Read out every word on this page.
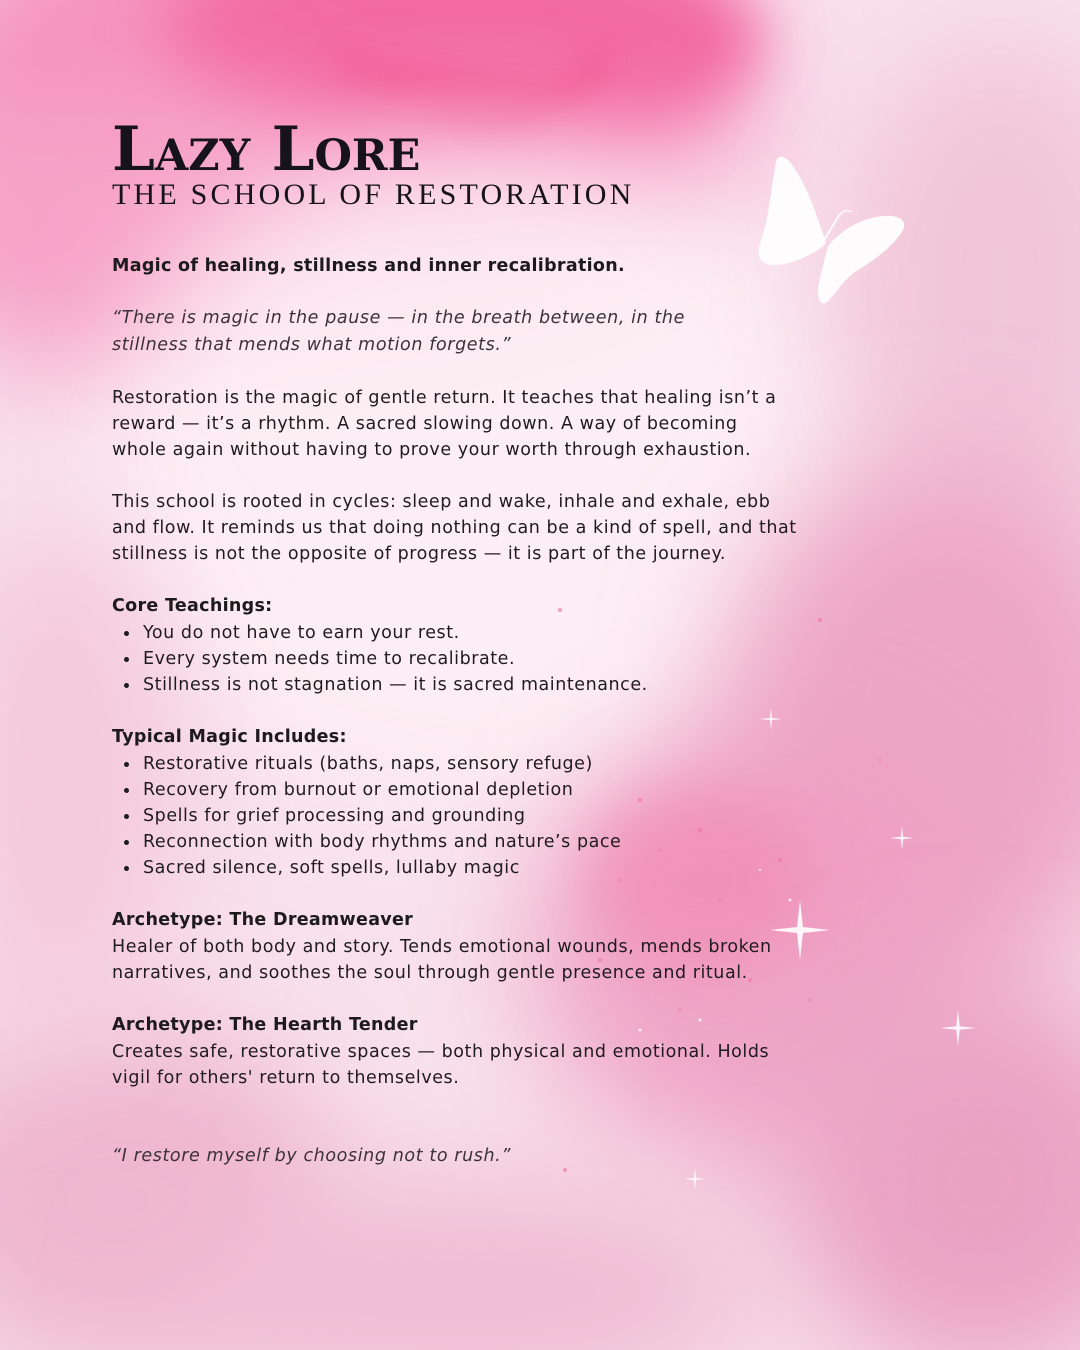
Lazy Lore
THE SCHOOL OF RESTORATION
Magic of healing, stillness and inner recalibration.
“There is magic in the pause — in the breath between, in the stillness that mends what motion forgets.”
Restoration is the magic of gentle return. It teaches that healing isn’t a reward — it’s a rhythm. A sacred slowing down. A way of becoming whole again without having to prove your worth through exhaustion.
This school is rooted in cycles: sleep and wake, inhale and exhale, ebb and flow. It reminds us that doing nothing can be a kind of spell, and that stillness is not the opposite of progress — it is part of the journey.
Core Teachings:
You do not have to earn your rest.
Every system needs time to recalibrate.
Stillness is not stagnation — it is sacred maintenance.
Typical Magic Includes:
Restorative rituals (baths, naps, sensory refuge)
Recovery from burnout or emotional depletion
Spells for grief processing and grounding
Reconnection with body rhythms and nature’s pace
Sacred silence, soft spells, lullaby magic
Archetype: The Dreamweaver
Healer of both body and story. Tends emotional wounds, mends broken narratives, and soothes the soul through gentle presence and ritual.
Archetype: The Hearth Tender
Creates safe, restorative spaces — both physical and emotional. Holds vigil for others' return to themselves.
“I restore myself by choosing not to rush.”
